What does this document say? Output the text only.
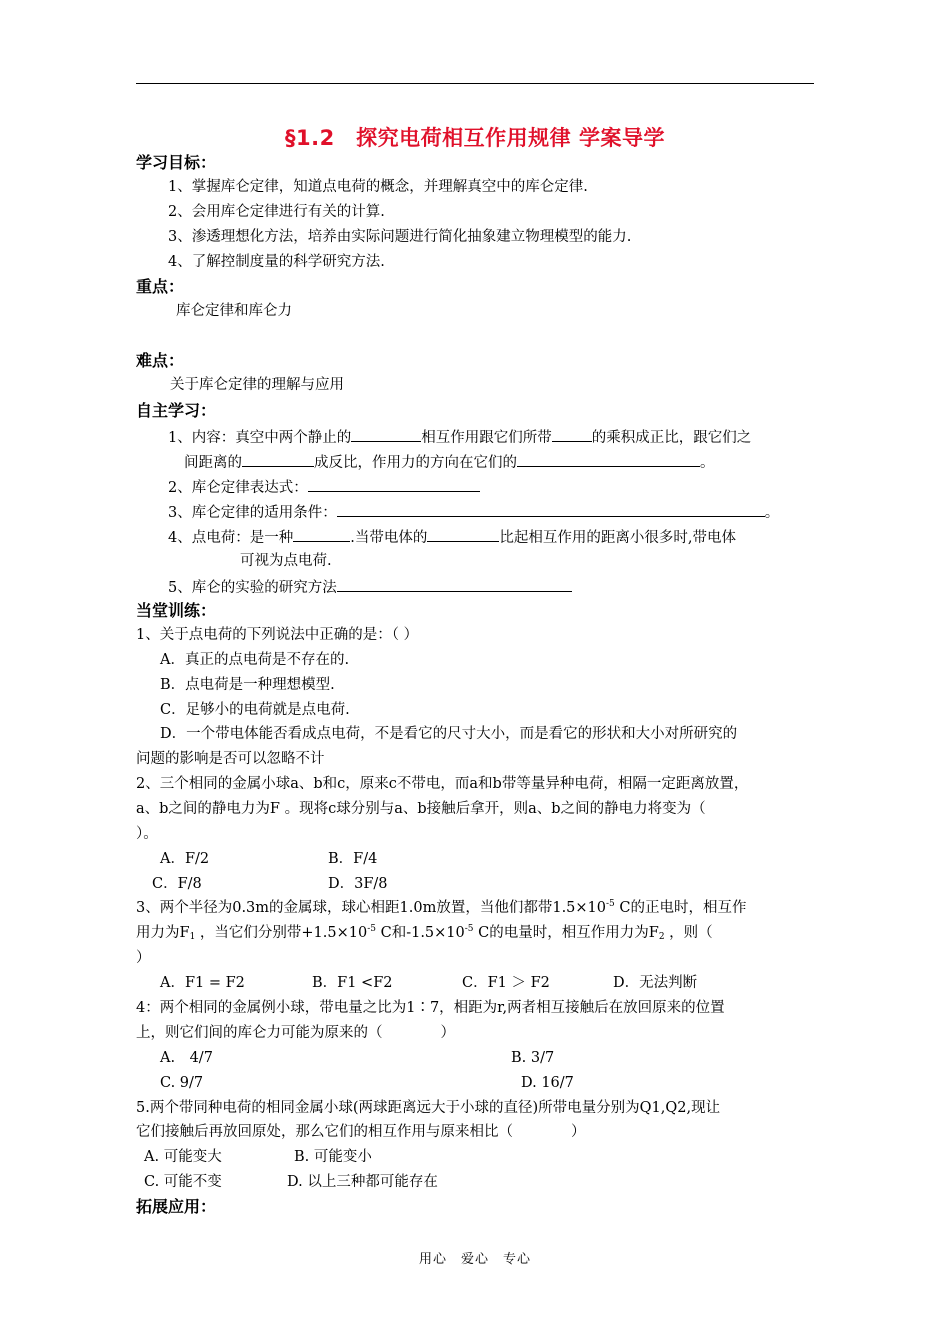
§1.2　探究电荷相互作用规律 学案导学
学习目标：
1、掌握库仑定律，知道点电荷的概念，并理解真空中的库仑定律.
2、会用库仑定律进行有关的计算.
3、渗透理想化方法，培养由实际问题进行简化抽象建立物理模型的能力.
4、了解控制度量的科学研究方法.
重点：
库仑定律和库仑力
难点：
关于库仑定律的理解与应用
自主学习：
1、内容：真空中两个静止的	相互作用跟它们所带	的乘积成正比，跟它们之
间距离的	成反比，作用力的方向在它们的	。
2、库仑定律表达式：
3、库仑定律的适用条件：	。
4、点电荷：是一种	.当带电体的	比起相互作用的距离小很多时,带电体
可视为点电荷.
5、库仑的实验的研究方法
当堂训练：
1、关于点电荷的下列说法中正确的是：（ ）
A．真正的点电荷是不存在的.
B．点电荷是一种理想模型.
C．足够小的电荷就是点电荷.
D．一个带电体能否看成点电荷，不是看它的尺寸大小，而是看它的形状和大小对所研究的
问题的影响是否可以忽略不计
2、三个相同的金属小球a、b和c，原来c不带电，而a和b带等量异种电荷，相隔一定距离放置，
a、b之间的静电力为F 。现将c球分别与a、b接触后拿开，则a、b之间的静电力将变为（
）。
A．F/2	B．F/4
C．F/8	D．3F/8
3、两个半径为0.3m的金属球，球心相距1.0m放置，当他们都带$1.5\times 10^{-5}$ C的正电时，相互作
用力为$F_1$ ，当它们分别带$+1.5\times 10^{-5}$ C和$-1.5\times 10^{-5}$ C的电量时，相互作用力为$F_2$ ，则（
）
A．F1 = F2	B．F1 <F2	C．F1 ＞ F2	D．无法判断
4：两个相同的金属例小球，带电量之比为1∶7，相距为r,两者相互接触后在放回原来的位置
上，则它们间的库仑力可能为原来的（　　　　）
A.　4/7	B. 3/7
C. 9/7	D. 16/7
5.两个带同种电荷的相同金属小球(两球距离远大于小球的直径)所带电量分别为Q1,Q2,现让
它们接触后再放回原处，那么它们的相互作用与原来相比（　　　　）
A. 可能变大	B. 可能变小
C. 可能不变	D. 以上三种都可能存在
拓展应用：
用心　爱心　专心
